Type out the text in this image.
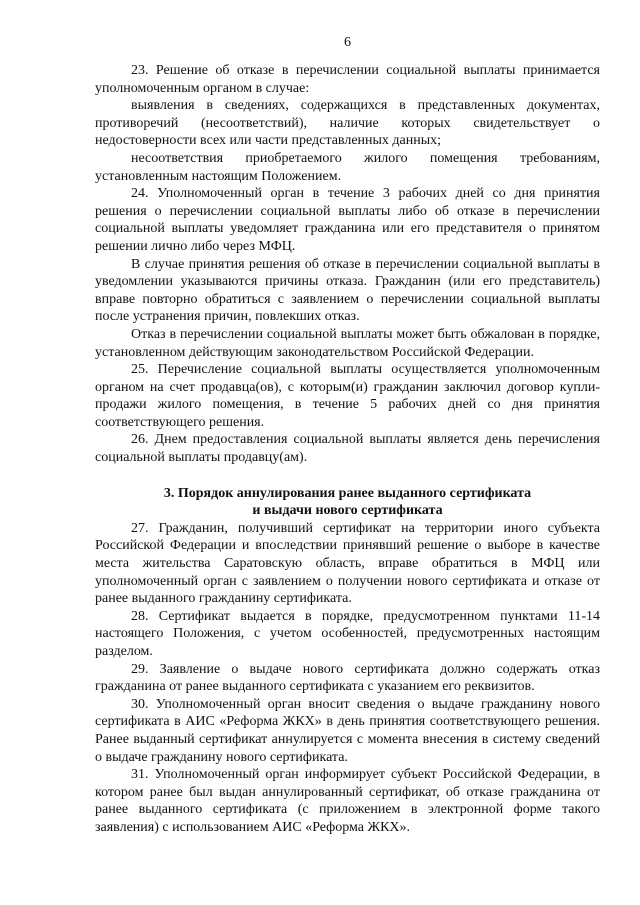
6

23. Решение об отказе в перечислении социальной выплаты принимается уполномоченным органом в случае:

выявления в сведениях, содержащихся в представленных документах, противоречий (несоответствий), наличие которых свидетельствует о недостоверности всех или части представленных данных;

несоответствия приобретаемого жилого помещения требованиям, установленным настоящим Положением.

24. Уполномоченный орган в течение 3 рабочих дней со дня принятия решения о перечислении социальной выплаты либо об отказе в перечислении социальной выплаты уведомляет гражданина или его представителя о принятом решении лично либо через МФЦ.

В случае принятия решения об отказе в перечислении социальной выплаты в уведомлении указываются причины отказа. Гражданин (или его представитель) вправе повторно обратиться с заявлением о перечислении социальной выплаты после устранения причин, повлекших отказ.

Отказ в перечислении социальной выплаты может быть обжалован в порядке, установленном действующим законодательством Российской Федерации.

25. Перечисление социальной выплаты осуществляется уполномоченным органом на счет продавца(ов), с которым(и) гражданин заключил договор купли-продажи жилого помещения, в течение 5 рабочих дней со дня принятия соответствующего решения.

26. Днем предоставления социальной выплаты является день перечисления социальной выплаты продавцу(ам).

3. Порядок аннулирования ранее выданного сертификата
и выдачи нового сертификата

27. Гражданин, получивший сертификат на территории иного субъекта Российской Федерации и впоследствии принявший решение о выборе в качестве места жительства Саратовскую область, вправе обратиться в МФЦ или уполномоченный орган с заявлением о получении нового сертификата и отказе от ранее выданного гражданину сертификата.

28. Сертификат выдается в порядке, предусмотренном пунктами 11-14 настоящего Положения, с учетом особенностей, предусмотренных настоящим разделом.

29. Заявление о выдаче нового сертификата должно содержать отказ гражданина от ранее выданного сертификата с указанием его реквизитов.

30. Уполномоченный орган вносит сведения о выдаче гражданину нового сертификата в АИС «Реформа ЖКХ» в день принятия соответствующего решения. Ранее выданный сертификат аннулируется с момента внесения в систему сведений о выдаче гражданину нового сертификата.

31. Уполномоченный орган информирует субъект Российской Федерации, в котором ранее был выдан аннулированный сертификат, об отказе гражданина от ранее выданного сертификата (с приложением в электронной форме такого заявления) с использованием АИС «Реформа ЖКХ».
